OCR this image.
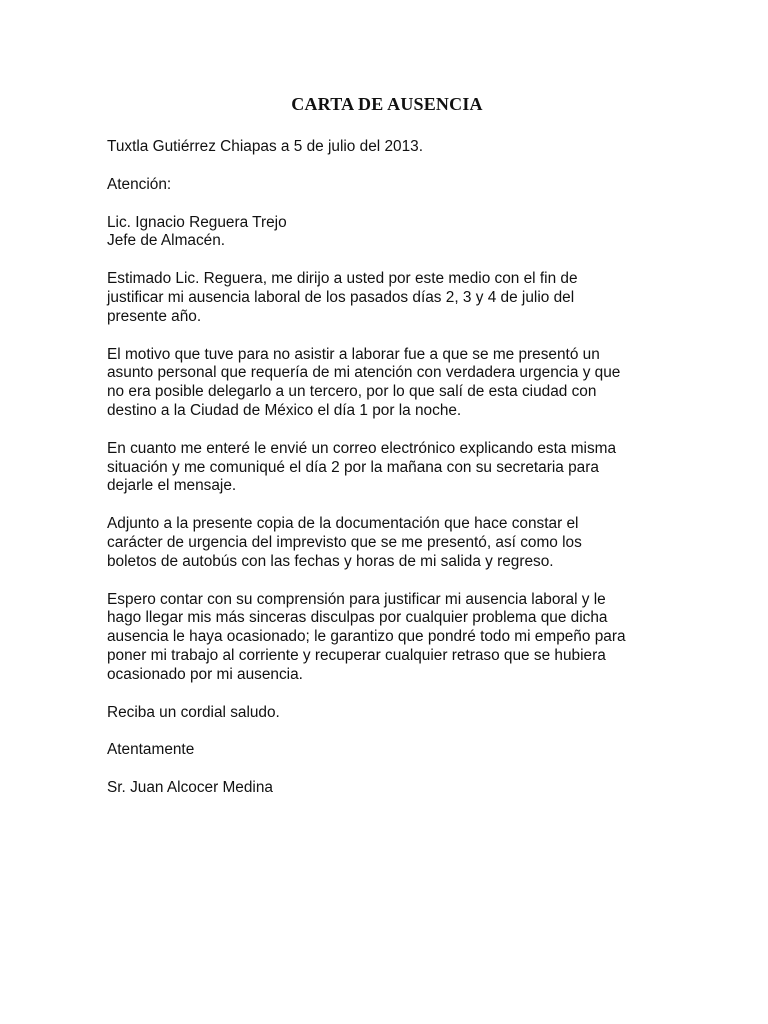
CARTA DE AUSENCIA

Tuxtla Gutiérrez Chiapas a 5 de julio del 2013.

Atención:

Lic. Ignacio Reguera Trejo
Jefe de Almacén.

Estimado Lic. Reguera, me dirijo a usted por este medio con el fin de
justificar mi ausencia laboral de los pasados días 2, 3 y 4 de julio del
presente año.

El motivo que tuve para no asistir a laborar fue a que se me presentó un
asunto personal que requería de mi atención con verdadera urgencia y que
no era posible delegarlo a un tercero, por lo que salí de esta ciudad con
destino a la Ciudad de México el día 1 por la noche.

En cuanto me enteré le envié un correo electrónico explicando esta misma
situación y me comuniqué el día 2 por la mañana con su secretaria para
dejarle el mensaje.

Adjunto a la presente copia de la documentación que hace constar el
carácter de urgencia del imprevisto que se me presentó, así como los
boletos de autobús con las fechas y horas de mi salida y regreso.

Espero contar con su comprensión para justificar mi ausencia laboral y le
hago llegar mis más sinceras disculpas por cualquier problema que dicha
ausencia le haya ocasionado; le garantizo que pondré todo mi empeño para
poner mi trabajo al corriente y recuperar cualquier retraso que se hubiera
ocasionado por mi ausencia.

Reciba un cordial saludo.

Atentamente

Sr. Juan Alcocer Medina
